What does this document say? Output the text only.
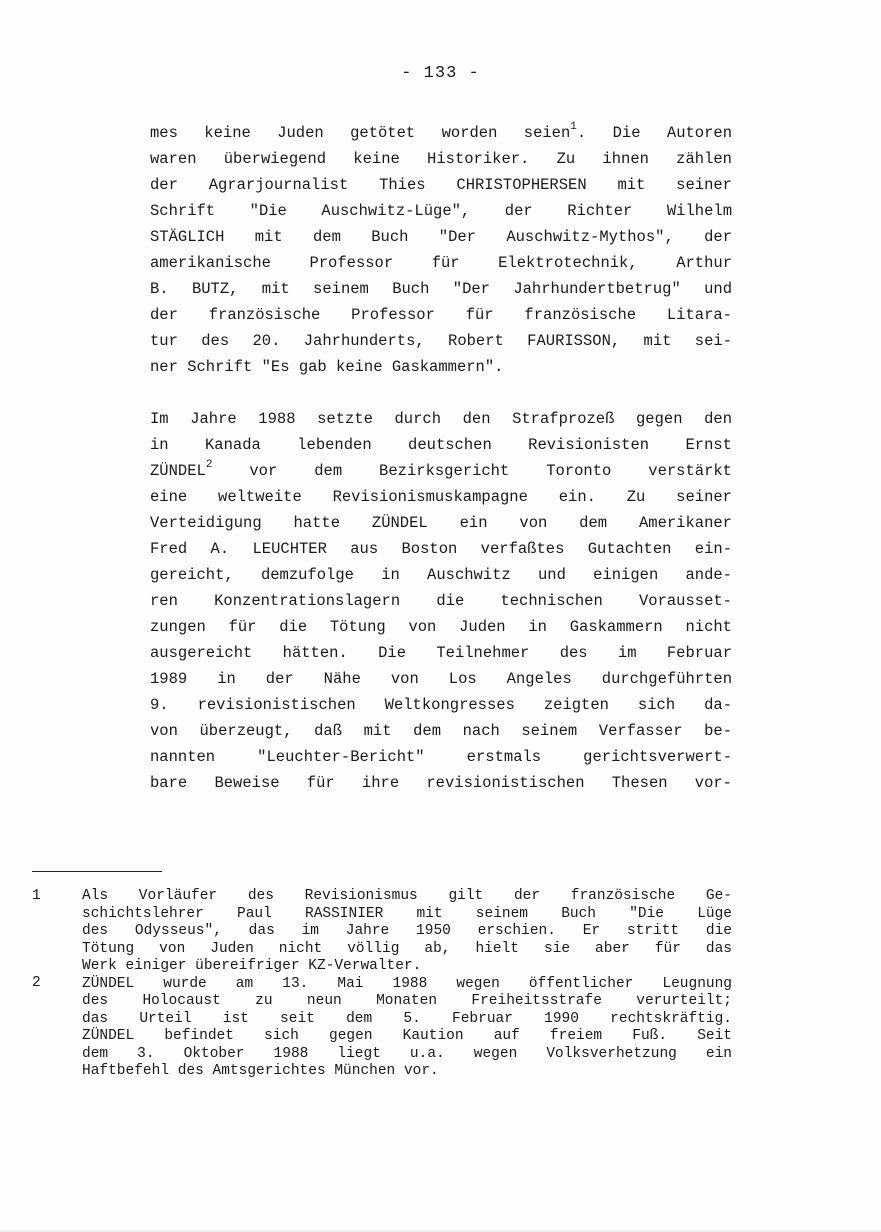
- 133 -
mes keine Juden getötet worden seien$^1$. Die Autoren
waren überwiegend keine Historiker. Zu ihnen zählen
der Agrarjournalist Thies CHRISTOPHERSEN mit seiner
Schrift "Die Auschwitz-Lüge", der Richter Wilhelm
STÄGLICH mit dem Buch "Der Auschwitz-Mythos", der
amerikanische Professor für Elektrotechnik, Arthur
B. BUTZ, mit seinem Buch "Der Jahrhundertbetrug" und
der französische Professor für französische Litara-
tur des 20. Jahrhunderts, Robert FAURISSON, mit sei-
ner Schrift "Es gab keine Gaskammern".
Im Jahre 1988 setzte durch den Strafprozeß gegen den
in Kanada lebenden deutschen Revisionisten Ernst
ZÜNDEL$^2$ vor dem Bezirksgericht Toronto verstärkt
eine weltweite Revisionismuskampagne ein. Zu seiner
Verteidigung hatte ZÜNDEL ein von dem Amerikaner
Fred A. LEUCHTER aus Boston verfaßtes Gutachten ein-
gereicht, demzufolge in Auschwitz und einigen ande-
ren Konzentrationslagern die technischen Vorausset-
zungen für die Tötung von Juden in Gaskammern nicht
ausgereicht hätten. Die Teilnehmer des im Februar
1989 in der Nähe von Los Angeles durchgeführten
9. revisionistischen Weltkongresses zeigten sich da-
von überzeugt, daß mit dem nach seinem Verfasser be-
nannten "Leuchter-Bericht" erstmals gerichtsverwert-
bare Beweise für ihre revisionistischen Thesen vor-
1
2
Als Vorläufer des Revisionismus gilt der französische Ge-
schichtslehrer Paul RASSINIER mit seinem Buch "Die Lüge
des Odysseus", das im Jahre 1950 erschien. Er stritt die
Tötung von Juden nicht völlig ab, hielt sie aber für das
Werk einiger übereifriger KZ-Verwalter.
ZÜNDEL wurde am 13. Mai 1988 wegen öffentlicher Leugnung
des Holocaust zu neun Monaten Freiheitsstrafe verurteilt;
das Urteil ist seit dem 5. Februar 1990 rechtskräftig.
ZÜNDEL befindet sich gegen Kaution auf freiem Fuß. Seit
dem 3. Oktober 1988 liegt u.a. wegen Volksverhetzung ein
Haftbefehl des Amtsgerichtes München vor.
